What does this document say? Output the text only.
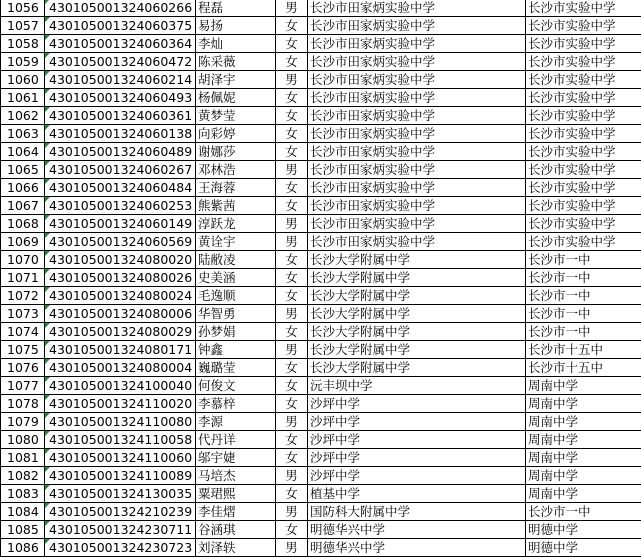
1056	430105001324060266	程磊	男	长沙市田家炳实验中学	长沙市实验中学
1057	430105001324060375	易扬	女	长沙市田家炳实验中学	长沙市实验中学
1058	430105001324060364	李灿	女	长沙市田家炳实验中学	长沙市实验中学
1059	430105001324060472	陈采薇	女	长沙市田家炳实验中学	长沙市实验中学
1060	430105001324060214	胡泽宇	男	长沙市田家炳实验中学	长沙市实验中学
1061	430105001324060493	杨佩妮	女	长沙市田家炳实验中学	长沙市实验中学
1062	430105001324060361	黄梦莹	女	长沙市田家炳实验中学	长沙市实验中学
1063	430105001324060138	向彩婷	女	长沙市田家炳实验中学	长沙市实验中学
1064	430105001324060489	谢娜莎	女	长沙市田家炳实验中学	长沙市实验中学
1065	430105001324060267	邓林浩	男	长沙市田家炳实验中学	长沙市实验中学
1066	430105001324060484	王海蓉	女	长沙市田家炳实验中学	长沙市实验中学
1067	430105001324060253	熊紫茜	女	长沙市田家炳实验中学	长沙市实验中学
1068	430105001324060149	淳跃龙	男	长沙市田家炳实验中学	长沙市实验中学
1069	430105001324060569	黄诠宇	男	长沙市田家炳实验中学	长沙市实验中学
1070	430105001324080020	陆敝凌	女	长沙大学附属中学	长沙市一中
1071	430105001324080026	史美涵	女	长沙大学附属中学	长沙市一中
1072	430105001324080024	毛逸顺	女	长沙大学附属中学	长沙市一中
1073	430105001324080006	华智勇	男	长沙大学附属中学	长沙市一中
1074	430105001324080029	孙梦娟	女	长沙大学附属中学	长沙市一中
1075	430105001324080171	钟鑫	男	长沙大学附属中学	长沙市十五中
1076	430105001324080004	巍璐莹	女	长沙大学附属中学	长沙市十五中
1077	430105001324100040	何俊文	女	沅丰坝中学	周南中学
1078	430105001324110020	李慕梓	女	沙坪中学	周南中学
1079	430105001324110080	李源	男	沙坪中学	周南中学
1080	430105001324110058	代丹详	女	沙坪中学	周南中学
1081	430105001324110060	邬宇婕	女	沙坪中学	周南中学
1082	430105001324110089	马培杰	男	沙坪中学	周南中学
1083	430105001324130035	粟珺熙	女	植基中学	周南中学
1084	430105001324210239	李佳熠	男	国防科大附属中学	长沙市一中
1085	430105001324230711	谷涵琪	女	明德华兴中学	明德中学
1086	430105001324230723	刘泽轶	男	明德华兴中学	明德中学
